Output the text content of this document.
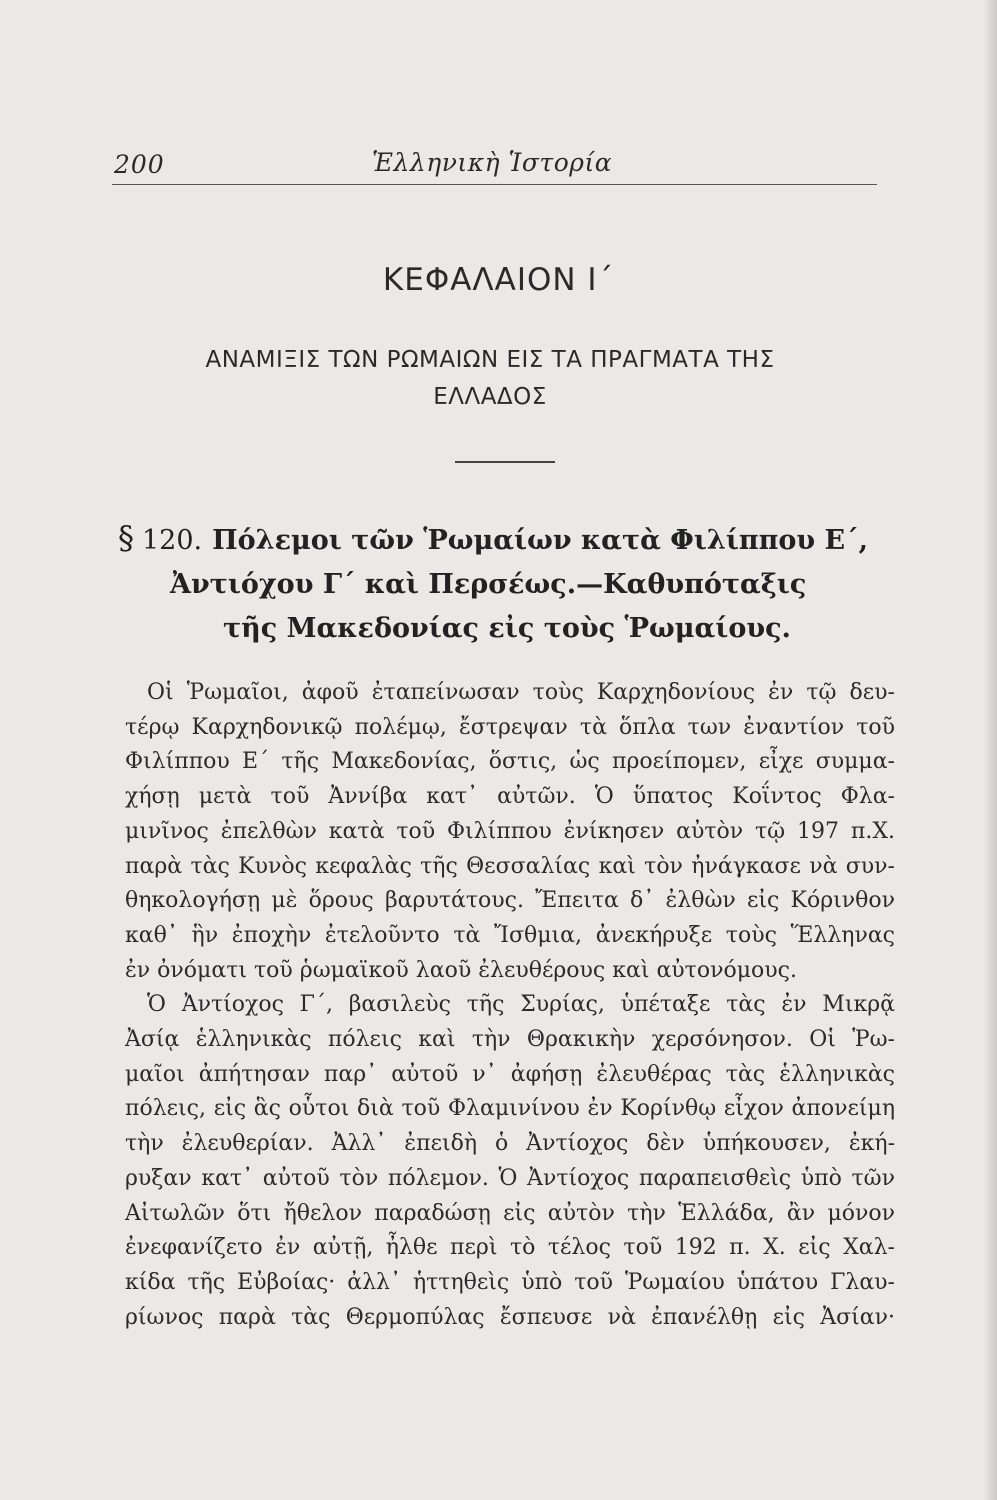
200	Ἑλληνικὴ Ἱστορία
ΚΕΦΑΛΑΙΟΝ Ι΄
ΑΝΑΜΙΞΙΣ ΤΩΝ ΡΩΜΑΙΩΝ ΕΙΣ ΤΑ ΠΡΑΓΜΑΤΑ ΤΗΣ ΕΛΛΑΔΟΣ
§ 120. Πόλεμοι τῶν Ῥωμαίων κατὰ Φιλίππου Ε΄,
Ἀντιόχου Γ΄ καὶ Περσέως.—Καθυπόταξις
τῆς Μακεδονίας εἰς τοὺς Ῥωμαίους.

Οἱ Ῥωμαῖοι, ἀφοῦ ἐταπείνωσαν τοὺς Καρχηδονίους ἐν τῷ δευ-
τέρῳ Καρχηδονικῷ πολέμῳ, ἔστρεψαν τὰ ὅπλα των ἐναντίον τοῦ
Φιλίππου Ε΄ τῆς Μακεδονίας, ὅστις, ὡς προείπομεν, εἶχε συμμα-
χήσῃ μετὰ τοῦ Ἀννίβα κατ᾽ αὐτῶν. Ὁ ὕπατος Κοΐντος Φλα-
μινῖνος ἐπελθὼν κατὰ τοῦ Φιλίππου ἐνίκησεν αὐτὸν τῷ 197 π.Χ.
παρὰ τὰς Κυνὸς κεφαλὰς τῆς Θεσσαλίας καὶ τὸν ἠνάγκασε νὰ συν-
θηκολογήσῃ μὲ ὅρους βαρυτάτους. Ἔπειτα δ᾽ ἐλθὼν εἰς Κόρινθον
καθ᾽ ἣν ἐποχὴν ἐτελοῦντο τὰ Ἴσθμια, ἀνεκήρυξε τοὺς Ἕλληνας
ἐν ὀνόματι τοῦ ῥωμαϊκοῦ λαοῦ ἐλευθέρους καὶ αὐτονόμους.

Ὁ Ἀντίοχος Γ΄, βασιλεὺς τῆς Συρίας, ὑπέταξε τὰς ἐν Μικρᾷ
Ἀσίᾳ ἑλληνικὰς πόλεις καὶ τὴν Θρακικὴν χερσόνησον. Οἱ Ῥω-
μαῖοι ἀπήτησαν παρ᾽ αὐτοῦ ν᾽ ἀφήσῃ ἐλευθέρας τὰς ἑλληνικὰς
πόλεις, εἰς ἃς οὗτοι διὰ τοῦ Φλαμινίνου ἐν Κορίνθῳ εἶχον ἀπονείμη
τὴν ἐλευθερίαν. Ἀλλ᾽ ἐπειδὴ ὁ Ἀντίοχος δὲν ὑπήκουσεν, ἐκή-
ρυξαν κατ᾽ αὐτοῦ τὸν πόλεμον. Ὁ Ἀντίοχος παραπεισθεὶς ὑπὸ τῶν
Αἰτωλῶν ὅτι ἤθελον παραδώσῃ εἰς αὐτὸν τὴν Ἑλλάδα, ἂν μόνον
ἐνεφανίζετο ἐν αὐτῇ, ἦλθε περὶ τὸ τέλος τοῦ 192 π. Χ. εἰς Χαλ-
κίδα τῆς Εὐβοίας· ἀλλ᾽ ἡττηθεὶς ὑπὸ τοῦ Ῥωμαίου ὑπάτου Γλαυ-
ρίωνος παρὰ τὰς Θερμοπύλας ἔσπευσε νὰ ἐπανέλθῃ εἰς Ἀσίαν·
